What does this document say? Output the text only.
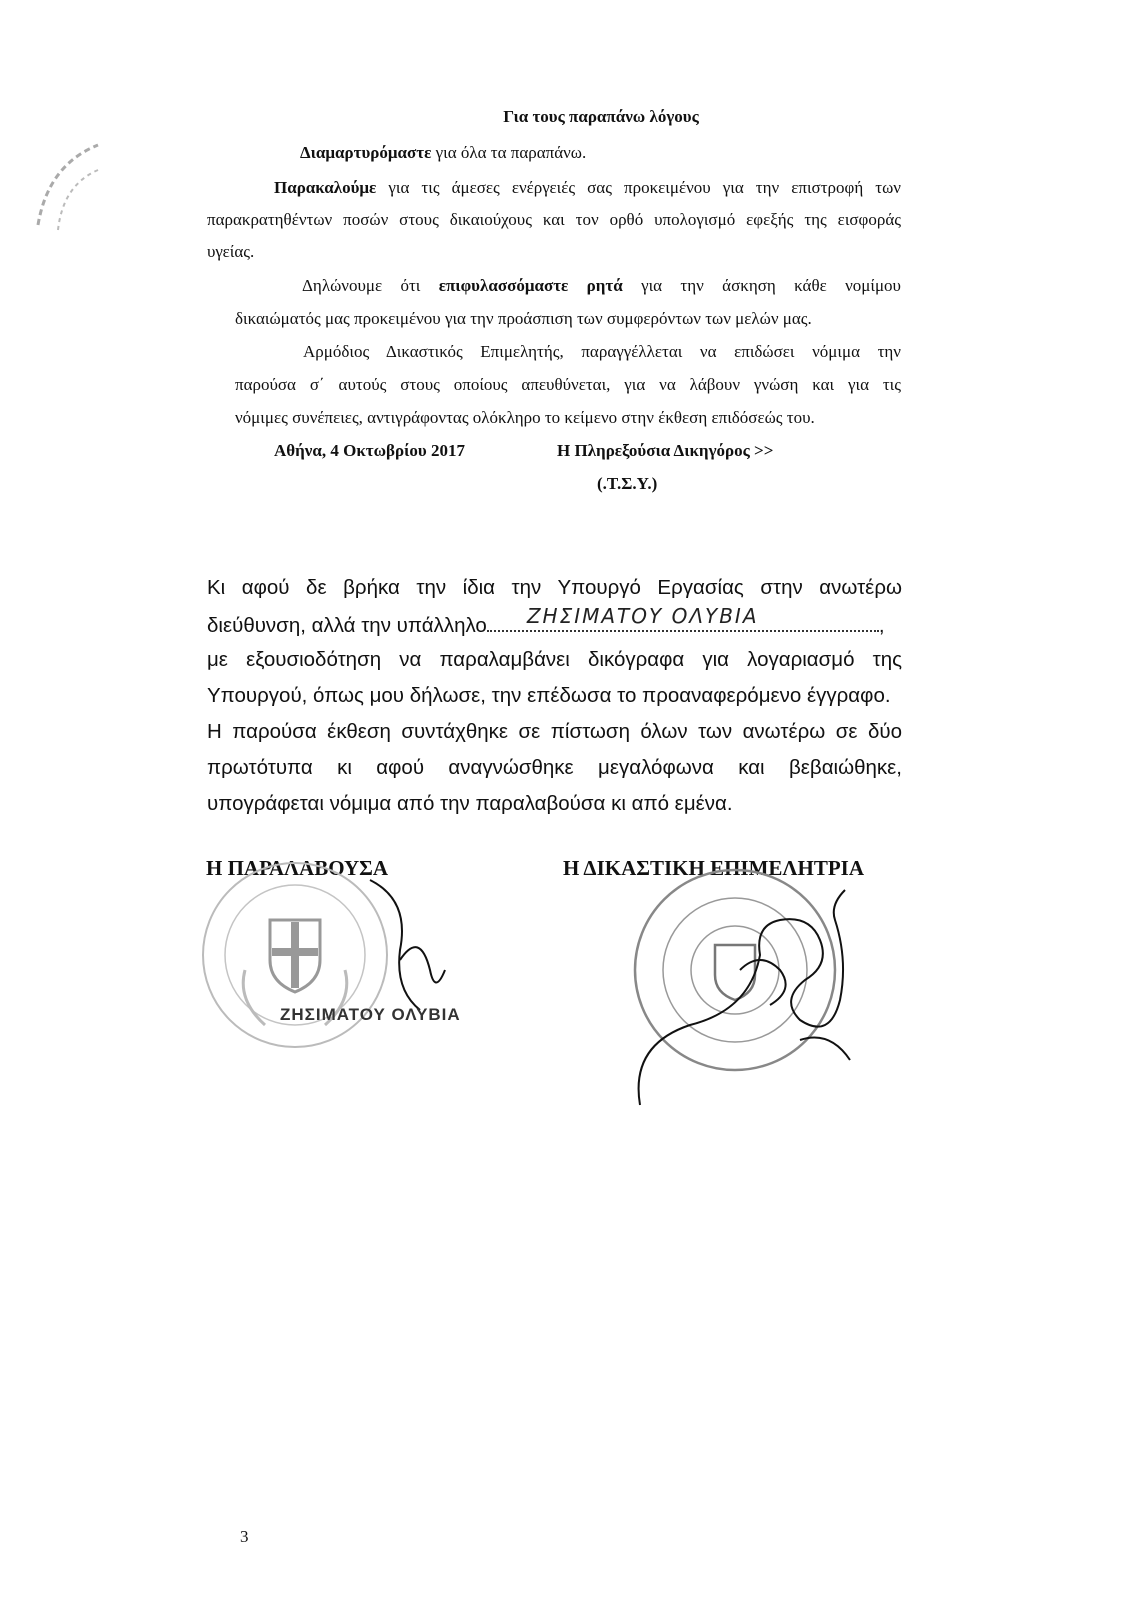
Για τους παραπάνω λόγους
Διαμαρτυρόμαστε για όλα τα παραπάνω.
Παρακαλούμε για τις άμεσες ενέργειές σας προκειμένου για την επιστροφή των
παρακρατηθέντων ποσών στους δικαιούχους και τον ορθό υπολογισμό εφεξής της εισφοράς
υγείας.
Δηλώνουμε ότι επιφυλασσόμαστε ρητά για την άσκηση κάθε νομίμου
δικαιώματός μας προκειμένου για την προάσπιση των συμφερόντων των μελών μας.
Αρμόδιος Δικαστικός Επιμελητής, παραγγέλλεται να επιδώσει νόμιμα την
παρούσα σ΄ αυτούς στους οποίους απευθύνεται, για να λάβουν γνώση και για τις
νόμιμες συνέπειες, αντιγράφοντας ολόκληρο το κείμενο στην έκθεση επιδόσεώς του.
Αθήνα, 4 Οκτωβρίου 2017	Η Πληρεξούσια Δικηγόρος >>
(.Τ.Σ.Υ.)
Κι αφού δε βρήκα την ίδια την Υπουργό Εργασίας στην ανωτέρω
διεύθυνση, αλλά την υπάλληλο ΖΗΣΙΜΑΤΟΥ ΟΛΥΒΙΑ	,
με εξουσιοδότηση να παραλαμβάνει δικόγραφα για λογαριασμό της
Υπουργού, όπως μου δήλωσε, την επέδωσα το προαναφερόμενο έγγραφο.
Η παρούσα έκθεση συντάχθηκε σε πίστωση όλων των ανωτέρω σε δύο
πρωτότυπα κι αφού αναγνώσθηκε μεγαλόφωνα και βεβαιώθηκε,
υπογράφεται νόμιμα από την παραλαβούσα κι από εμένα.
Η ΠΑΡΑΛΑΒΟΥΣΑ	Η ΔΙΚΑΣΤΙΚΗ ΕΠΙΜΕΛΗΤΡΙΑ
ΖΗΣΙΜΑΤΟΥ ΟΛΥΒΙΑ
3
